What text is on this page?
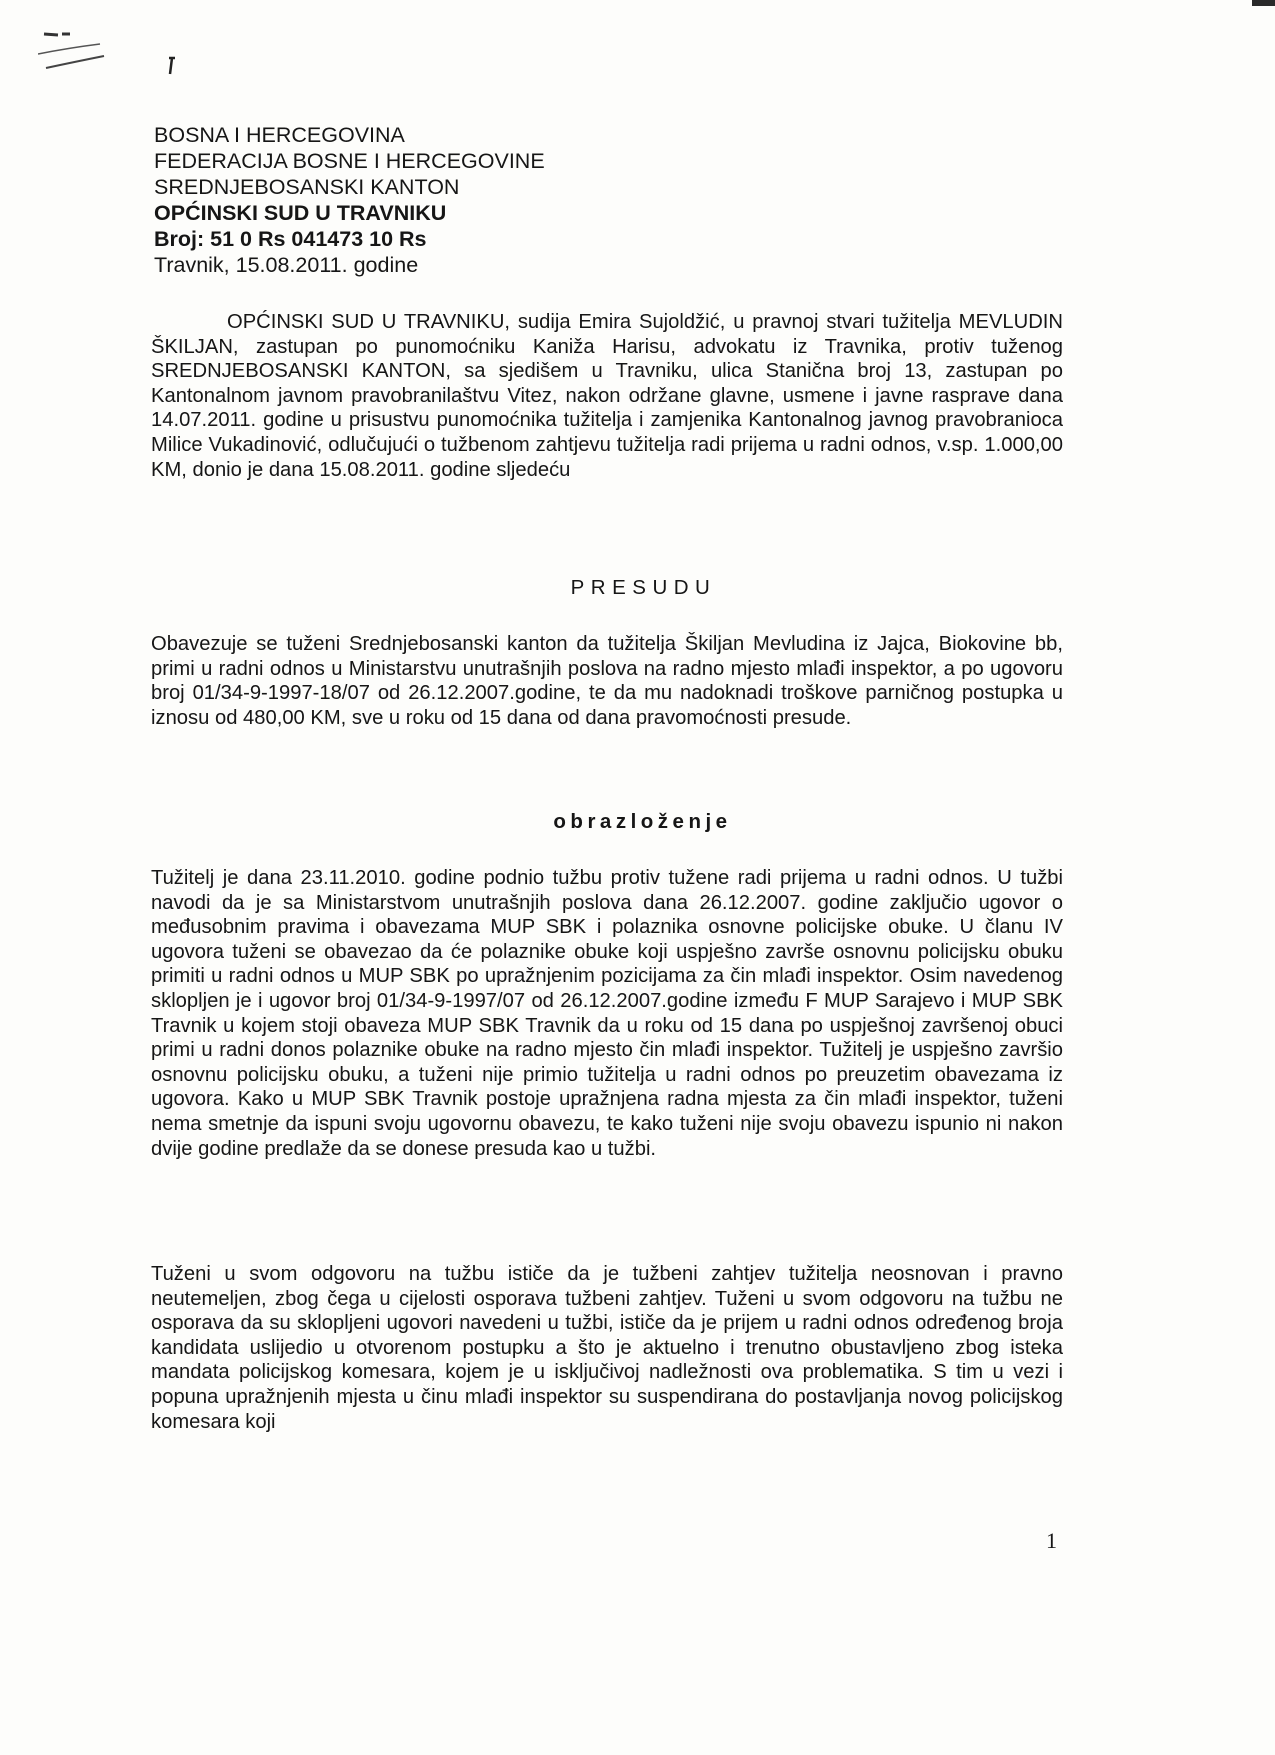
BOSNA I HERCEGOVINA
FEDERACIJA BOSNE I HERCEGOVINE
SREDNJEBOSANSKI KANTON
OPĆINSKI SUD U TRAVNIKU
Broj: 51 0 Rs 041473 10 Rs
Travnik, 15.08.2011. godine

OPĆINSKI SUD U TRAVNIKU, sudija Emira Sujoldžić, u pravnoj stvari tužitelja MEVLUDIN ŠKILJAN, zastupan po punomoćniku Kaniža Harisu, advokatu iz Travnika, protiv tuženog SREDNJEBOSANSKI KANTON, sa sjedišem u Travniku, ulica Stanična broj 13, zastupan po Kantonalnom javnom pravobranilaštvu Vitez, nakon održane glavne, usmene i javne rasprave dana 14.07.2011. godine u prisustvu punomoćnika tužitelja i zamjenika Kantonalnog javnog pravobranioca Milice Vukadinović, odlučujući o tužbenom zahtjevu tužitelja radi prijema u radni odnos, v.sp. 1.000,00 KM, donio je dana 15.08.2011. godine sljedeću

PRESUDU

Obavezuje se tuženi Srednjebosanski kanton da tužitelja Škiljan Mevludina iz Jajca, Biokovine bb, primi u radni odnos u Ministarstvu unutrašnjih poslova na radno mjesto mlađi inspektor, a po ugovoru broj 01/34-9-1997-18/07 od 26.12.2007.godine, te da mu nadoknadi troškove parničnog postupka u iznosu od 480,00 KM, sve u roku od 15 dana od dana pravomoćnosti presude.

obrazloženje

Tužitelj je dana 23.11.2010. godine podnio tužbu protiv tužene radi prijema u radni odnos. U tužbi navodi da je sa Ministarstvom unutrašnjih poslova dana 26.12.2007. godine zaključio ugovor o međusobnim pravima i obavezama MUP SBK i polaznika osnovne policijske obuke. U članu IV ugovora tuženi se obavezao da će polaznike obuke koji uspješno završe osnovnu policijsku obuku primiti u radni odnos u MUP SBK po upražnjenim pozicijama za čin mlađi inspektor. Osim navedenog sklopljen je i ugovor broj 01/34-9-1997/07 od 26.12.2007.godine između F MUP Sarajevo i MUP SBK Travnik u kojem stoji obaveza MUP SBK Travnik da u roku od 15 dana po uspješnoj završenoj obuci primi u radni donos polaznike obuke na radno mjesto čin mlađi inspektor. Tužitelj je uspješno završio osnovnu policijsku obuku, a tuženi nije primio tužitelja u radni odnos po preuzetim obavezama iz ugovora. Kako u MUP SBK Travnik postoje upražnjena radna mjesta za čin mlađi inspektor, tuženi nema smetnje da ispuni svoju ugovornu obavezu, te kako tuženi nije svoju obavezu ispunio ni nakon dvije godine predlaže da se donese presuda kao u tužbi.

Tuženi u svom odgovoru na tužbu ističe da je tužbeni zahtjev tužitelja neosnovan i pravno neutemeljen, zbog čega u cijelosti osporava tužbeni zahtjev. Tuženi u svom odgovoru na tužbu ne osporava da su sklopljeni ugovori navedeni u tužbi, ističe da je prijem u radni odnos određenog broja kandidata uslijedio u otvorenom postupku a što je aktuelno i trenutno obustavljeno zbog isteka mandata policijskog komesara, kojem je u isključivoj nadležnosti ova problematika. S tim u vezi i popuna upražnjenih mjesta u činu mlađi inspektor su suspendirana do postavljanja novog policijskog komesara koji

1
